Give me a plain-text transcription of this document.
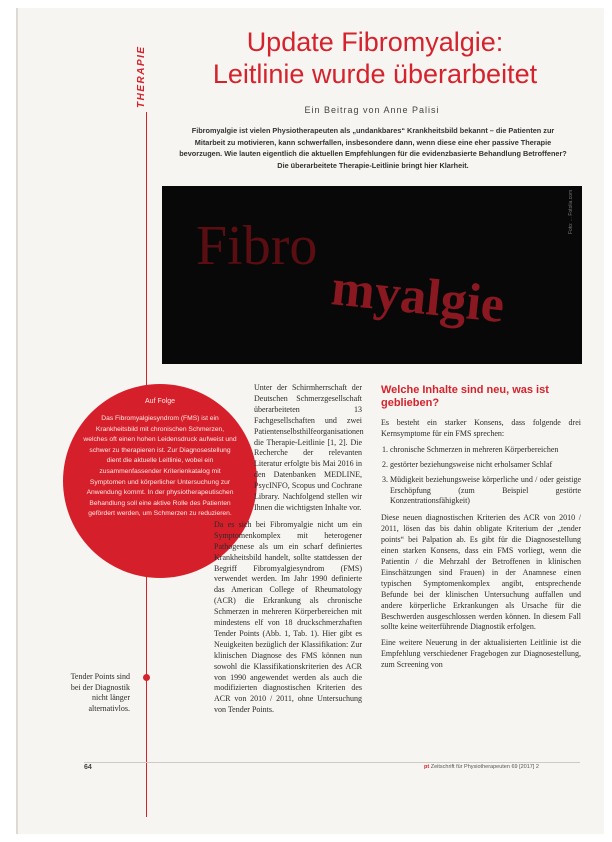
THERAPIE
Update Fibromyalgie:
Leitlinie wurde überarbeitet
Ein Beitrag von Anne Palisi
Fibromyalgie ist vielen Physiotherapeuten als „undankbares“ Krankheitsbild bekannt – die Patienten zur Mitarbeit zu motivieren, kann schwerfallen, insbesondere dann, wenn diese eine eher passive Therapie bevorzugen. Wie lauten eigentlich die aktuellen Empfehlungen für die evidenzbasierte Behandlung Betroffener? Die überarbeitete Therapie-Leitlinie bringt hier Klarheit.
Fibro
myalgie
Foto: ... Fotolia.com
Auf Folge
Das Fibromyalgiesyndrom (FMS) ist ein Krankheitsbild mit chronischen Schmerzen, welches oft einen hohen Leidensdruck aufweist und schwer zu therapieren ist. Zur Diagnosestellung dient die aktuelle Leitlinie, wobei ein zusammenfassender Kriterienkatalog mit Symptomen und körperlicher Untersuchung zur Anwendung kommt. In der physiotherapeutischen Behandlung soll eine aktive Rolle des Patienten gefördert werden, um Schmerzen zu reduzieren.

Unter der Schirmherrschaft der Deutschen Schmerzgesellschaft überarbeiteten 13 Fachgesellschaften und zwei Patientenselbsthilfeorganisationen die Therapie-Leitlinie [1, 2]. Die Recherche der relevanten Literatur erfolgte bis Mai 2016 in den Datenbanken MEDLINE, PsycINFO, Scopus und Cochrane Library. Nachfolgend stellen wir Ihnen die wichtigsten Inhalte vor.

Da es sich bei Fibromyalgie nicht um ein Symptomenkomplex mit heterogener Pathogenese als um ein scharf definiertes Krankheitsbild handelt, sollte stattdessen der Begriff Fibromyalgiesyndrom (FMS) verwendet werden. Im Jahr 1990 definierte das American College of Rheumatology (ACR) die Erkrankung als chronische Schmerzen in mehreren Körperbereichen mit mindestens elf von 18 druckschmerzhaften Tender Points (Abb. 1, Tab. 1). Hier gibt es Neuigkeiten bezüglich der Klassifikation: Zur klinischen Diagnose des FMS können nun sowohl die Klassifikationskriterien des ACR von 1990 angewendet werden als auch die modifizierten diagnostischen Kriterien des ACR von 2010 / 2011, ohne Untersuchung von Tender Points.

Welche Inhalte sind neu, was ist geblieben?

Es besteht ein starker Konsens, dass folgende drei Kernsymptome für ein FMS sprechen:

1. chronische Schmerzen in mehreren Körperbereichen
2. gestörter beziehungsweise nicht erholsamer Schlaf
3. Müdigkeit beziehungsweise körperliche und / oder geistige Erschöpfung (zum Beispiel gestörte Konzentrationsfähigkeit)

Diese neuen diagnostischen Kriterien des ACR von 2010 / 2011, lösen das bis dahin obligate Kriterium der „tender points“ bei Palpation ab. Es gibt für die Diagnosestellung einen starken Konsens, dass ein FMS vorliegt, wenn die Patientin / die Mehrzahl der Betroffenen in klinischen Einschätzungen sind Frauen) in der Anamnese einen typischen Symptomenkomplex angibt, entsprechende Befunde bei der klinischen Untersuchung auffallen und andere körperliche Erkrankungen als Ursache für die Beschwerden ausgeschlossen werden können. In diesem Fall sollte keine weiterführende Diagnostik erfolgen.

Eine weitere Neuerung in der aktualisierten Leitlinie ist die Empfehlung verschiedener Fragebogen zur Diagnosestellung, zum Screening von

Tender Points sind bei der Diagnostik nicht länger alternativlos.
64	pt Zeitschrift für Physiotherapeuten 69 [2017] 2
